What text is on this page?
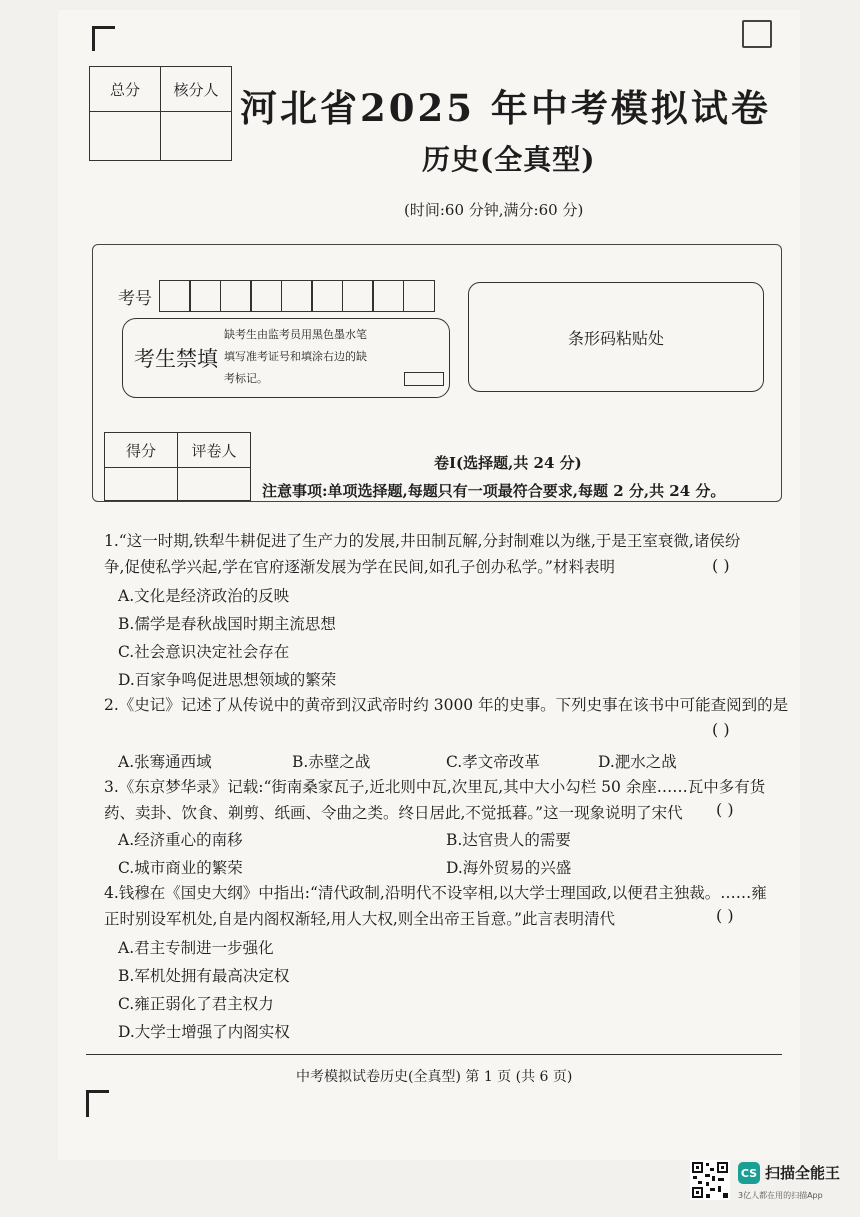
总分	核分人
	河北省2025 年中考模拟试卷
历史(全真型)
(时间:60 分钟,满分:60 分)
考号
考生禁填
缺考生由监考员用黑色墨水笔
填写准考证号和填涂右边的缺
考标记。
条形码粘贴处
得分	评卷人

卷Ⅰ(选择题,共 24 分)
注意事项:单项选择题,每题只有一项最符合要求,每题 2 分,共 24 分。
1.“这一时期,铁犁牛耕促进了生产力的发展,井田制瓦解,分封制难以为继,于是王室衰微,诸侯纷
争,促使私学兴起,学在官府逐渐发展为学在民间,如孔子创办私学。”材料表明	( )
A.文化是经济政治的反映
B.儒学是春秋战国时期主流思想
C.社会意识决定社会存在
D.百家争鸣促进思想领域的繁荣
2.《史记》记述了从传说中的黄帝到汉武帝时约 3000 年的史事。下列史事在该书中可能查阅到的是
( )
A.张骞通西域	B.赤壁之战	C.孝文帝改革	D.淝水之战
3.《东京梦华录》记载:“街南桑家瓦子,近北则中瓦,次里瓦,其中大小勾栏 50 余座……瓦中多有货
药、卖卦、饮食、剃剪、纸画、令曲之类。终日居此,不觉抵暮。”这一现象说明了宋代	( )
A.经济重心的南移	B.达官贵人的需要
C.城市商业的繁荣	D.海外贸易的兴盛
4.钱穆在《国史大纲》中指出:“清代政制,沿明代不设宰相,以大学士理国政,以便君主独裁。……雍
正时别设军机处,自是内阁权渐轻,用人大权,则全出帝王旨意。”此言表明清代	( )
A.君主专制进一步强化
B.军机处拥有最高决定权
C.雍正弱化了君主权力
D.大学士增强了内阁实权
中考模拟试卷历史(全真型) 第 1 页 (共 6 页)
CS 扫描全能王
3亿人都在用的扫描App
